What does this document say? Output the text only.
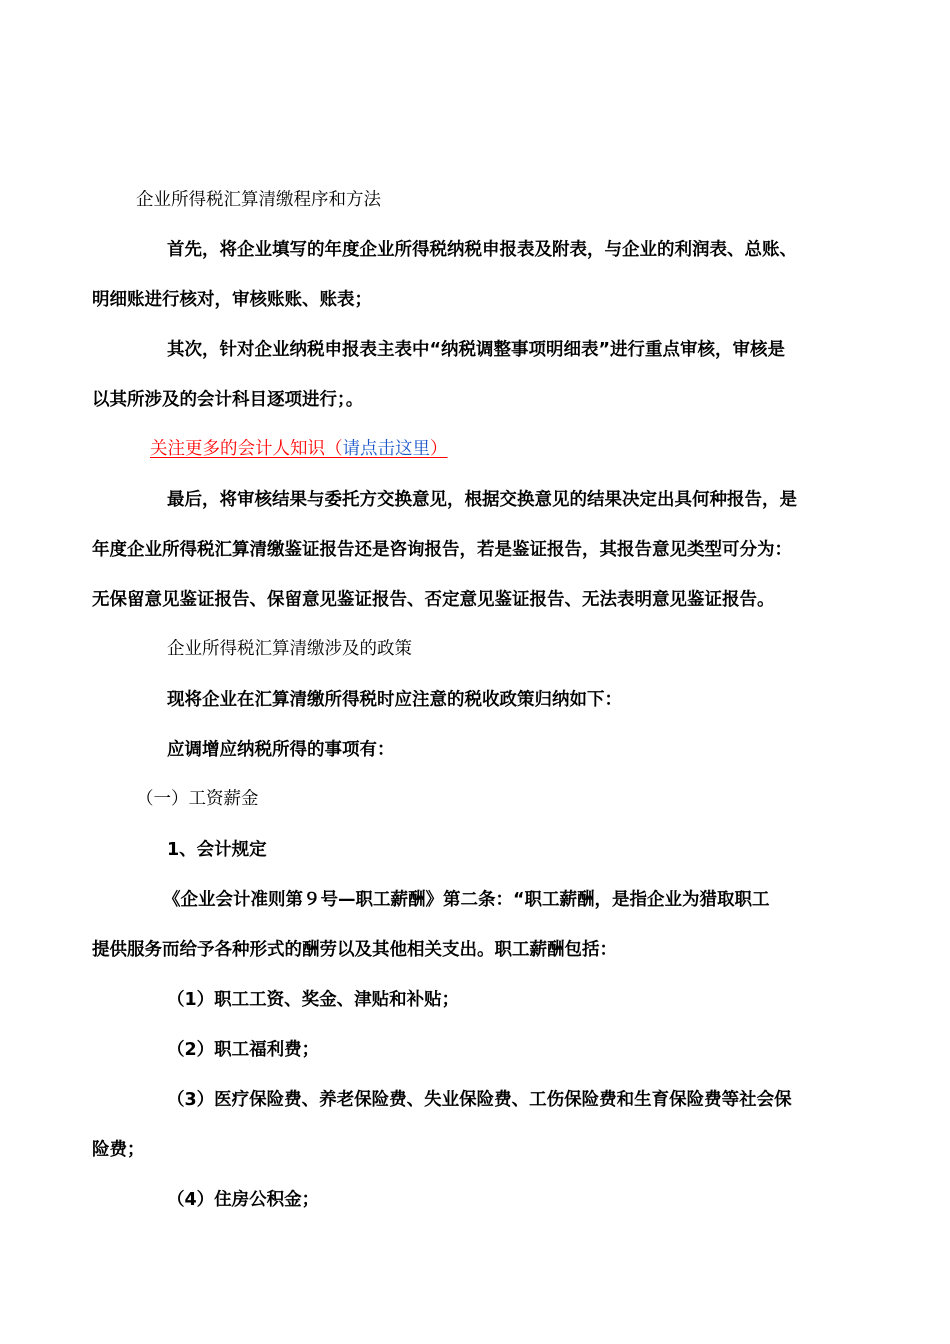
企业所得税汇算清缴程序和方法
首先，将企业填写的年度企业所得税纳税申报表及附表，与企业的利润表、总账、
明细账进行核对，审核账账、账表；
其次，针对企业纳税申报表主表中“纳税调整事项明细表”进行重点审核，审核是
以其所涉及的会计科目逐项进行；。
关注更多的会计人知识（请点击这里）
最后，将审核结果与委托方交换意见，根据交换意见的结果决定出具何种报告，是
年度企业所得税汇算清缴鉴证报告还是咨询报告，若是鉴证报告，其报告意见类型可分为：
无保留意见鉴证报告、保留意见鉴证报告、否定意见鉴证报告、无法表明意见鉴证报告。
企业所得税汇算清缴涉及的政策
现将企业在汇算清缴所得税时应注意的税收政策归纳如下：
应调增应纳税所得的事项有：
（一）工资薪金
1、会计规定
《企业会计准则第９号—职工薪酬》第二条：“职工薪酬，是指企业为猎取职工
提供服务而给予各种形式的酬劳以及其他相关支出。职工薪酬包括：
（1）职工工资、奖金、津贴和补贴；
（2）职工福利费；
（3）医疗保险费、养老保险费、失业保险费、工伤保险费和生育保险费等社会保
险费；
（4）住房公积金；
